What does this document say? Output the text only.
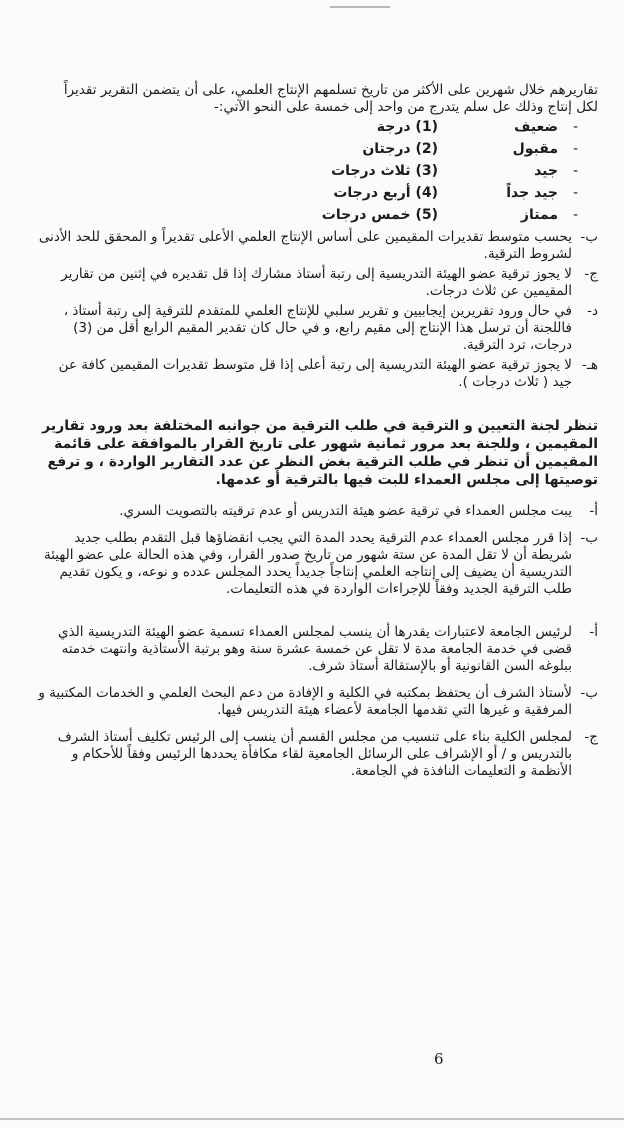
تقاريرهم خلال شهرين على الأكثر من تاريخ تسلمهم الإنتاج العلمي، على أن يتضمن التقرير تقديراً لكل إنتاج وذلك عل سلم يتدرج من واحد إلى خمسة على النحو الآتي:-

-
ضعيف
(1) درجة
-
مقبول
(2) درجتان
-
جيد
(3) ثلاث درجات
-
جيد جداً
(4) أربع درجات
-
ممتاز
(5) خمس درجات
ب-
يحسب متوسط تقديرات المقيمين على أساس الإنتاج العلمي الأعلى تقديراً و المحقق للحد الأدنى لشروط الترقية.
ج-
لا يجوز ترقية عضو الهيئة التدريسية إلى رتبة أستاذ مشارك إذا قل تقديره في إثنين من تقارير المقيمين عن ثلاث درجات.
د-
في حال ورود تقريرين إيجابيين و تقرير سلبي للإنتاج العلمي للمتقدم للترقية إلى رتبة أستاذ ، فاللجنة أن ترسل هذا الإنتاج إلى مقيم رابع، و في حال كان تقدير المقيم الرابع أقل من (3) درجات، ترد الترقية.
هـ-
لا يجوز ترقية عضو الهيئة التدريسية إلى رتبة أعلى إذا قل متوسط تقديرات المقيمين كافة عن جيد ( ثلاث درجات ).

تنظر لجنة التعيين و الترقية في طلب الترقية من جوانبه المختلفة بعد ورود تقارير المقيمين ، وللجنة بعد مرور ثمانية شهور على تاريخ القرار بالموافقة على قائمة المقيمين أن تنظر في طلب الترقية بغض النظر عن عدد التقارير الواردة ، و ترفع توصيتها إلى مجلس العمداء للبت فيها بالترقية أو عدمها.

أ-
يبت مجلس العمداء في ترقية عضو هيئة التدريس أو عدم ترقيته بالتصويت السري.
ب-
إذا قرر مجلس العمداء عدم الترقية يحدد المدة التي يجب انقضاؤها قبل التقدم بطلب جديد شريطة أن لا تقل المدة عن ستة شهور من تاريخ صدور القرار، وفي هذه الحالة على عضو الهيئة التدريسية أن يضيف إلى إنتاجه العلمي إنتاجاً جديداً يحدد المجلس عدده و نوعه، و يكون تقديم طلب الترقية الجديد وفقاً للإجراءات الواردة في هذه التعليمات.
أ-
لرئيس الجامعة لاعتبارات يقدرها أن ينسب لمجلس العمداء تسمية عضو الهيئة التدريسية الذي قضى في خدمة الجامعة مدة لا تقل عن خمسة عشرة سنة وهو برتبة الأستاذية وانتهت خدمته ببلوغه السن القانونية أو بالإستقالة أستاذ شرف.
ب-
لأستاذ الشرف أن يحتفظ بمكتبه في الكلية و الإفادة من دعم البحث العلمي و الخدمات المكتبية و المرفقية و غيرها التي تقدمها الجامعة لأعضاء هيئة التدريس فيها.
ج-
لمجلس الكلية بناء على تنسيب من مجلس القسم أن ينسب إلى الرئيس تكليف أستاذ الشرف بالتدريس و / أو الإشراف على الرسائل الجامعية لقاء مكافأة يحددها الرئيس وفقاً للأحكام و الأنظمة و التعليمات النافذة في الجامعة.
6
